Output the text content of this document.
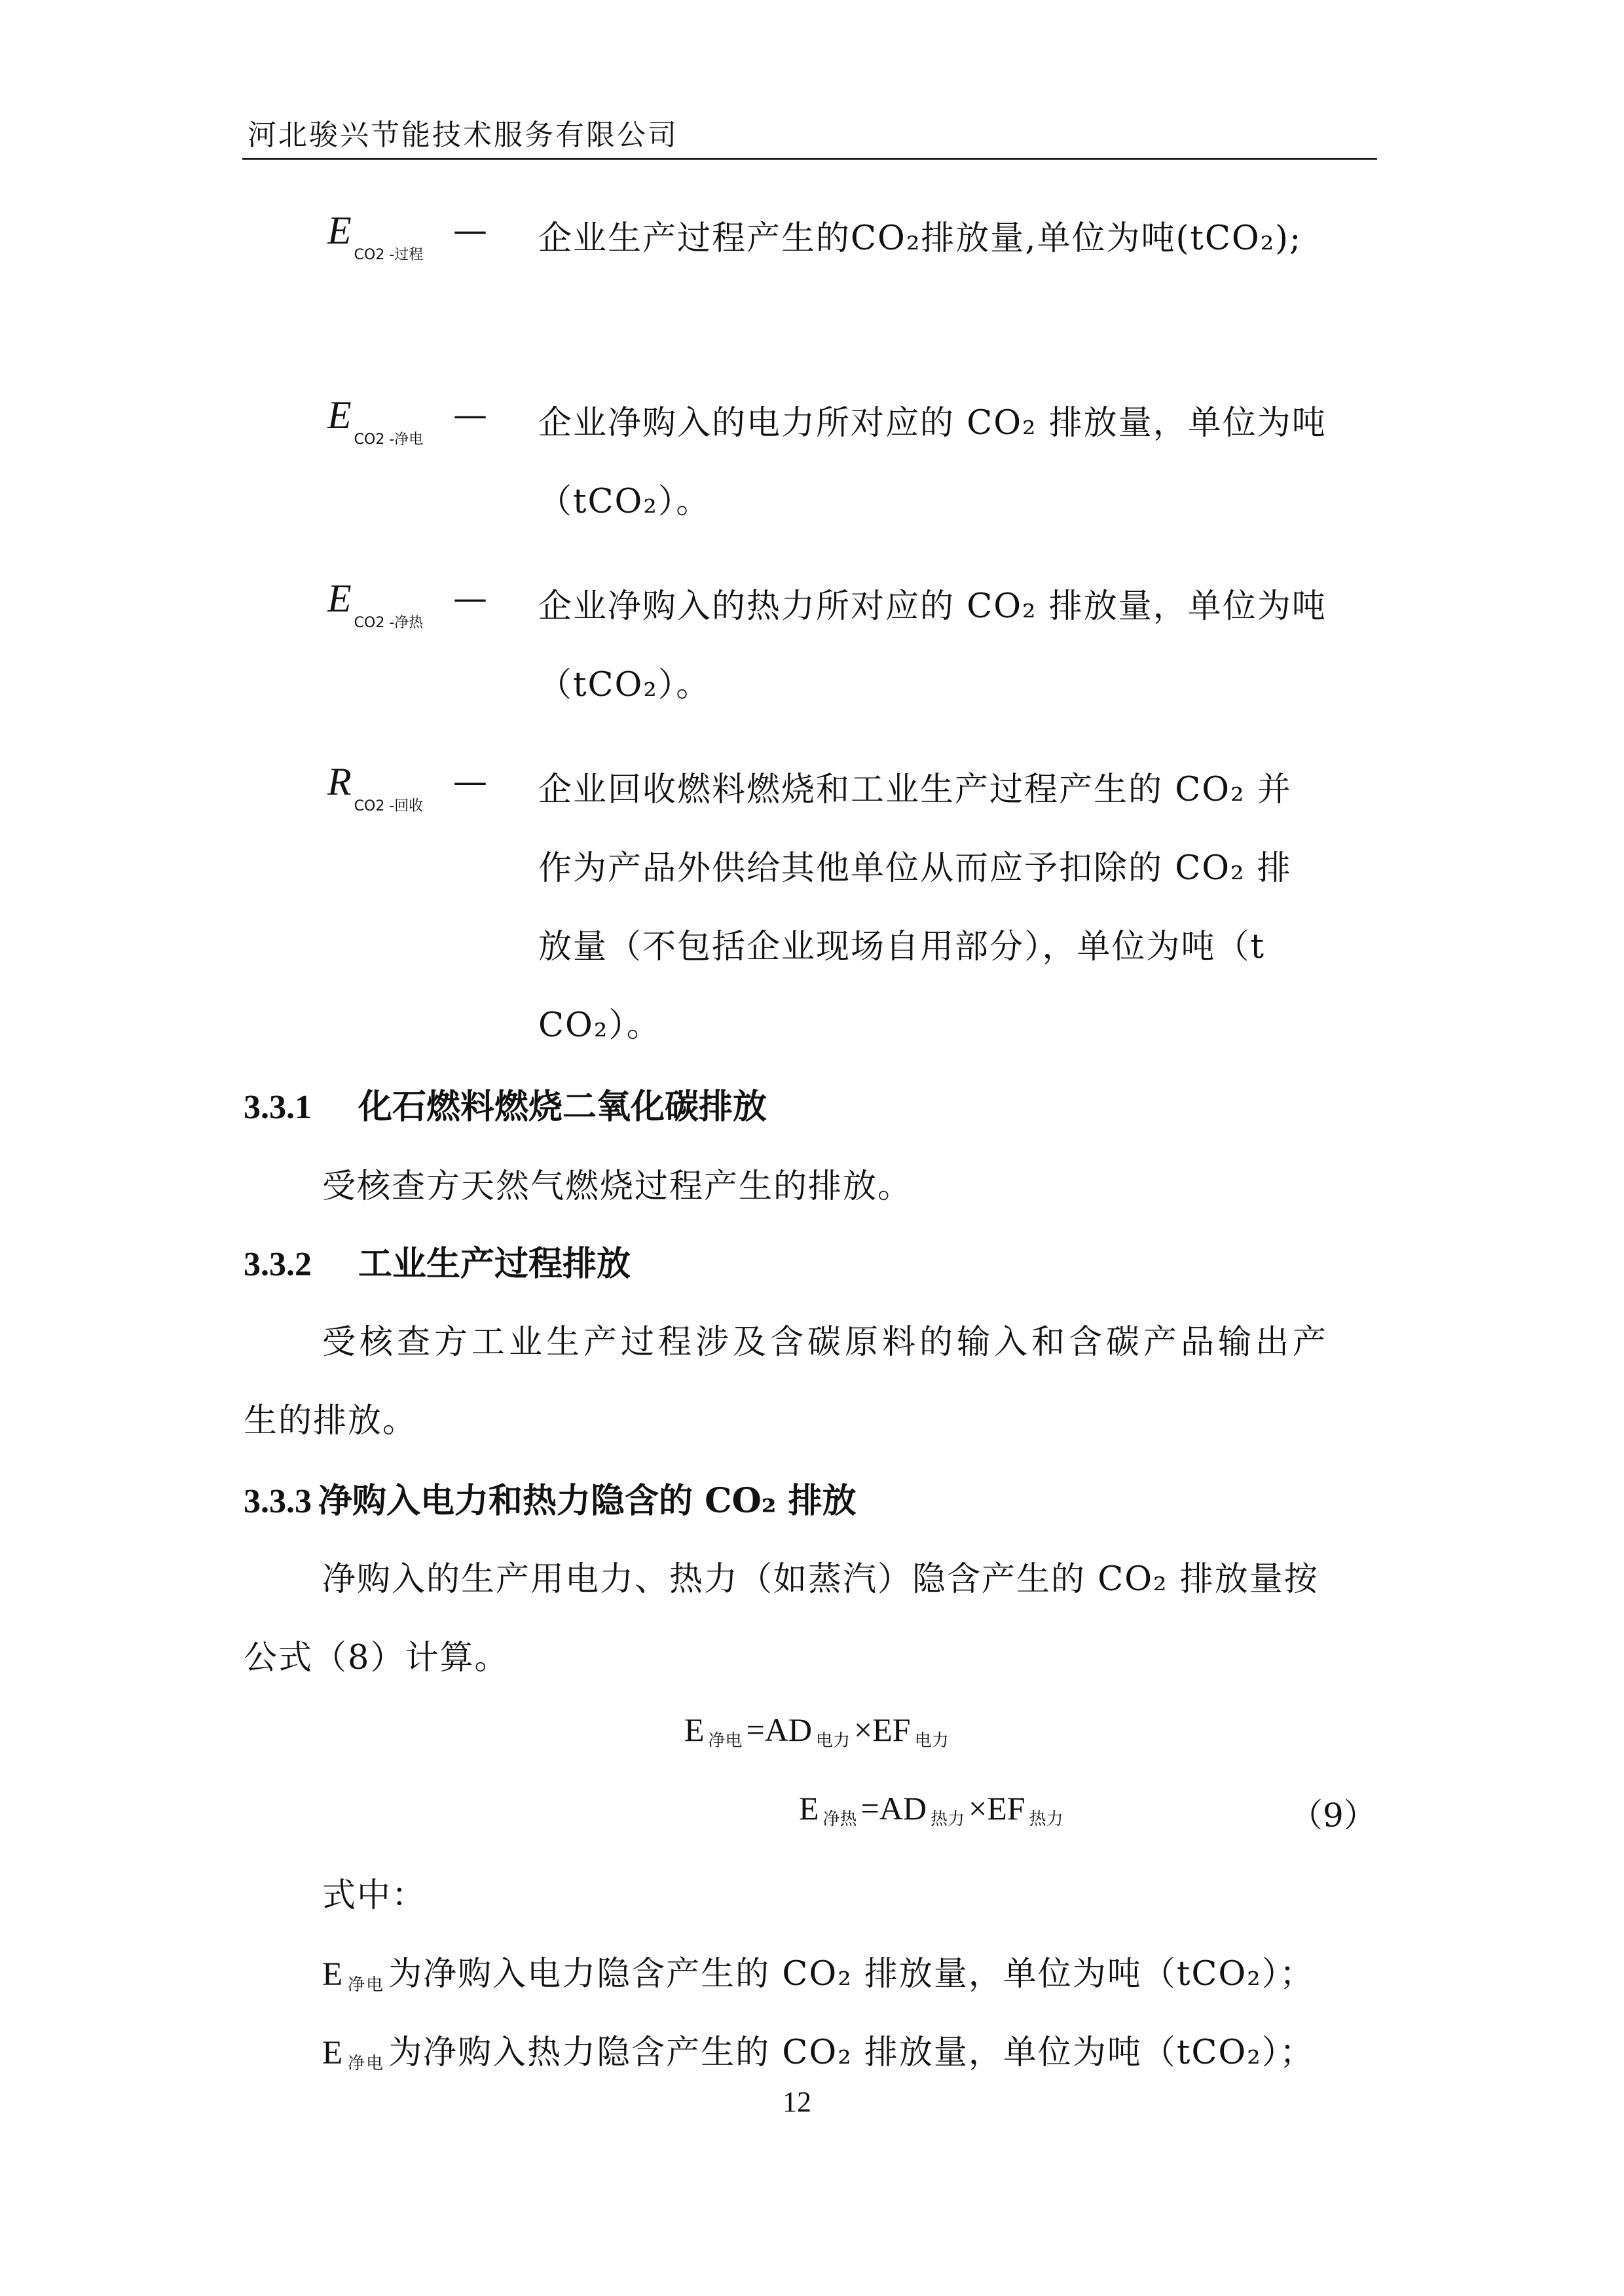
河北骏兴节能技术服务有限公司
$E_{CO2 -过程}$
— 企业生产过程产生的CO₂排放量,单位为吨(tCO₂);
$E_{CO2 -净电}$
— 企业净购入的电力所对应的 CO₂ 排放量，单位为吨
（tCO₂）。
$E_{CO2 -净热}$
— 企业净购入的热力所对应的 CO₂ 排放量，单位为吨
（tCO₂）。
$R_{CO2 -回收}$
— 企业回收燃料燃烧和工业生产过程产生的 CO₂ 并
作为产品外供给其他单位从而应予扣除的 CO₂ 排
放量（不包括企业现场自用部分），单位为吨（t
CO₂）。
3.3.1 化石燃料燃烧二氧化碳排放
受核查方天然气燃烧过程产生的排放。
3.3.2 工业生产过程排放
受核查方工业生产过程涉及含碳原料的输入和含碳产品输出产
生的排放。
3.3.3 净购入电力和热力隐含的 CO₂ 排放
净购入的生产用电力、热力（如蒸汽）隐含产生的 CO₂ 排放量按
公式（8）计算。
E净电 =AD 电力 ×EF 电力
E净热 =AD 热力 ×EF 热力	（9）
式中：
E净电 为净购入电力隐含产生的 CO₂ 排放量，单位为吨（tCO₂）；
E净电 为净购入热力隐含产生的 CO₂ 排放量，单位为吨（tCO₂）；
12
